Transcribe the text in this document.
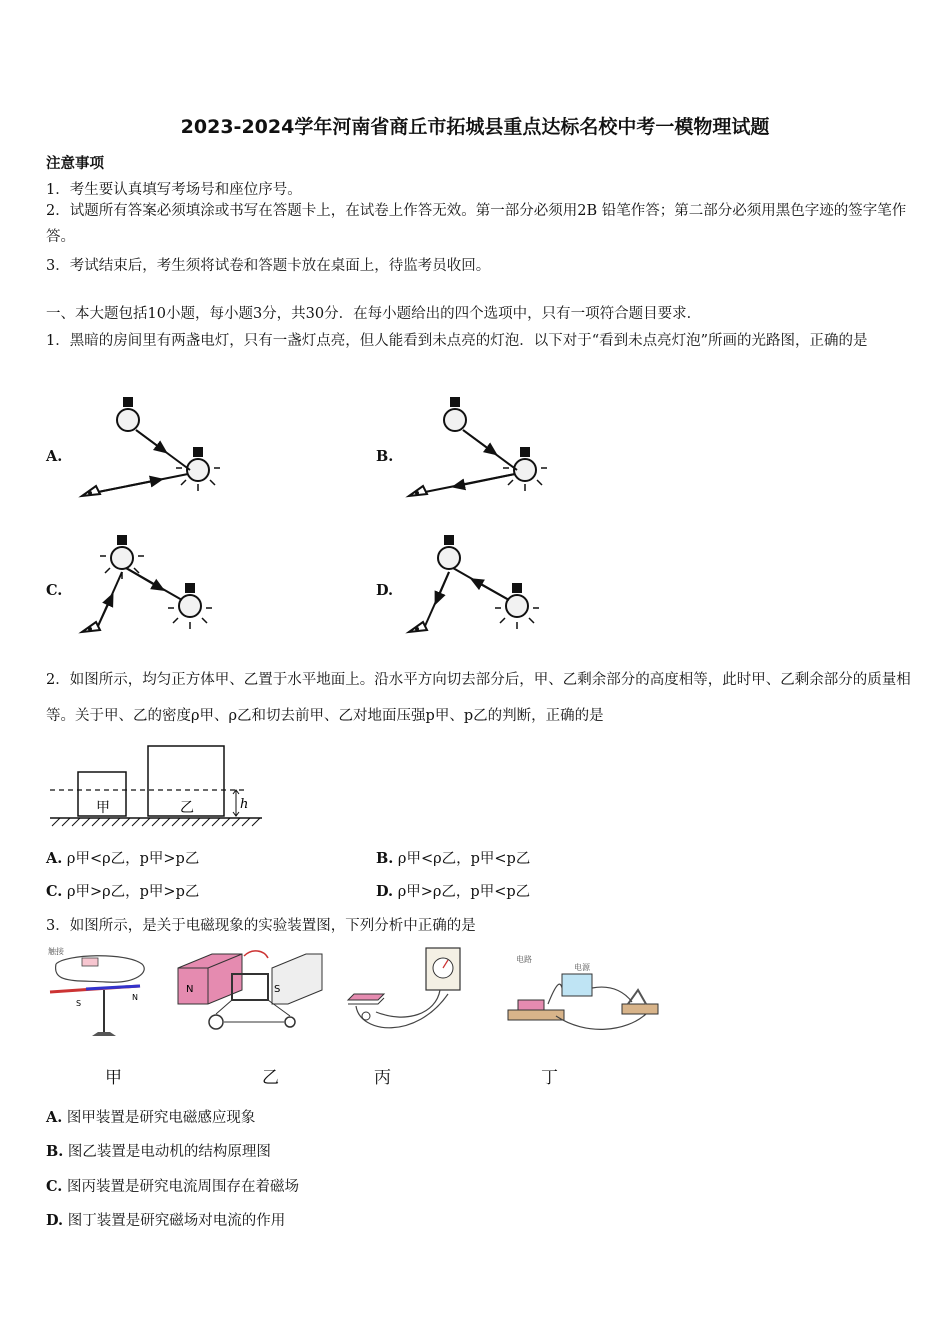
2023-2024学年河南省商丘市拓城县重点达标名校中考一模物理试题
注意事项
1．考生要认真填写考场号和座位序号。
2．试题所有答案必须填涂或书写在答题卡上，在试卷上作答无效。第一部分必须用2B 铅笔作答；第二部分必须用黑色字迹的签字笔作答。
3．考试结束后，考生须将试卷和答题卡放在桌面上，待监考员收回。
一、本大题包括10小题，每小题3分，共30分．在每小题给出的四个选项中，只有一项符合题目要求．
1．黑暗的房间里有两盏电灯，只有一盏灯点亮，但人能看到未点亮的灯泡．以下对于“看到未点亮灯泡”所画的光路图，正确的是
A.	B.
C.	D.
2．如图所示，均匀正方体甲、乙置于水平地面上。沿水平方向切去部分后，甲、乙剩余部分的高度相等，此时甲、乙剩余部分的质量相等。关于甲、乙的密度ρ甲、ρ乙和切去前甲、乙对地面压强p甲、p乙的判断，正确的是
甲	乙	h
A. ρ甲<ρ乙，p甲>p乙	B. ρ甲<ρ乙，p甲<p乙
C. ρ甲>ρ乙，p甲>p乙	D. ρ甲>ρ乙，p甲<p乙
3．如图所示，是关于电磁现象的实验装置图，下列分析中正确的是
触接
S
N
N	S
电路
电源
甲	乙	丙	丁
A. 图甲装置是研究电磁感应现象
B. 图乙装置是电动机的结构原理图
C. 图丙装置是研究电流周围存在着磁场
D. 图丁装置是研究磁场对电流的作用
